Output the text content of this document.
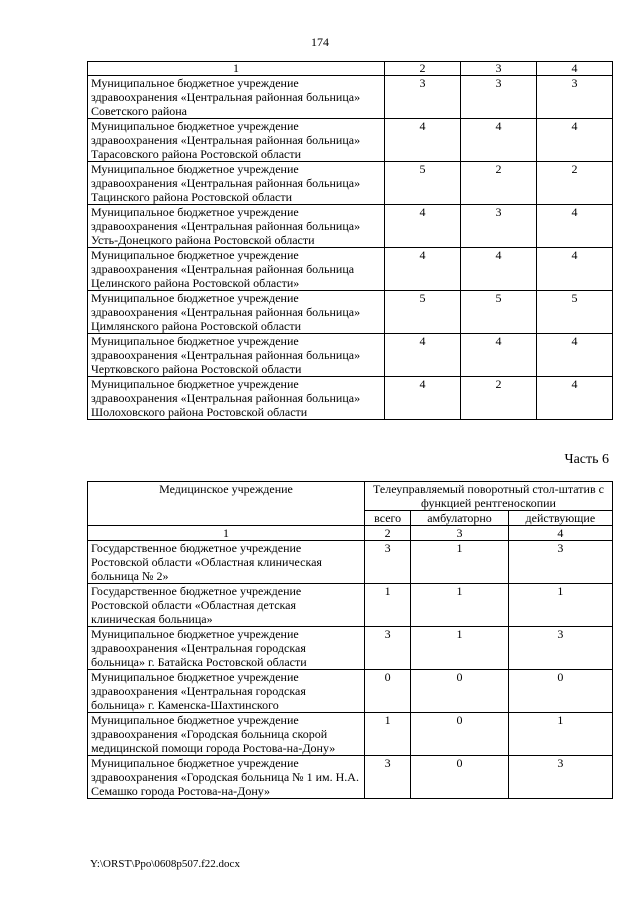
174
1	2	3	4
Муниципальное бюджетное учреждение здравоохранения «Центральная районная больница» Советского района	3	3	3
Муниципальное бюджетное учреждение здравоохранения «Центральная районная больница» Тарасовского района Ростовской области	4	4	4
Муниципальное бюджетное учреждение здравоохранения «Центральная районная больница» Тацинского района Ростовской области	5	2	2
Муниципальное бюджетное учреждение здравоохранения «Центральная районная больница» Усть-Донецкого района Ростовской области	4	3	4
Муниципальное бюджетное учреждение здравоохранения «Центральная районная больница Целинского района Ростовской области»	4	4	4
Муниципальное бюджетное учреждение здравоохранения «Центральная районная больница» Цимлянского района Ростовской области	5	5	5
Муниципальное бюджетное учреждение здравоохранения «Центральная районная больница» Чертковского района Ростовской области	4	4	4
Муниципальное бюджетное учреждение здравоохранения «Центральная районная больница» Шолоховского района Ростовской области	4	2	4
Часть 6
Медицинское учреждение	Телеуправляемый поворотный стол-штатив с функцией рентгеноскопии		
	всего	амбулаторно	действующие
1	2	3	4
Государственное бюджетное учреждение Ростовской области «Областная клиническая больница № 2»	3	1	3
Государственное бюджетное учреждение Ростовской области «Областная детская клиническая больница»	1	1	1
Муниципальное бюджетное учреждение здравоохранения «Центральная городская больница» г. Батайска Ростовской области	3	1	3
Муниципальное бюджетное учреждение здравоохранения «Центральная городская больница» г. Каменска-Шахтинского	0	0	0
Муниципальное бюджетное учреждение здравоохранения «Городская больница скорой медицинской помощи города Ростова-на-Дону»	1	0	1
Муниципальное бюджетное учреждение здравоохранения «Городская больница № 1 им. Н.А. Семашко города Ростова-на-Дону»	3	0	3
Y:\ORST\Ppo\0608p507.f22.docx
